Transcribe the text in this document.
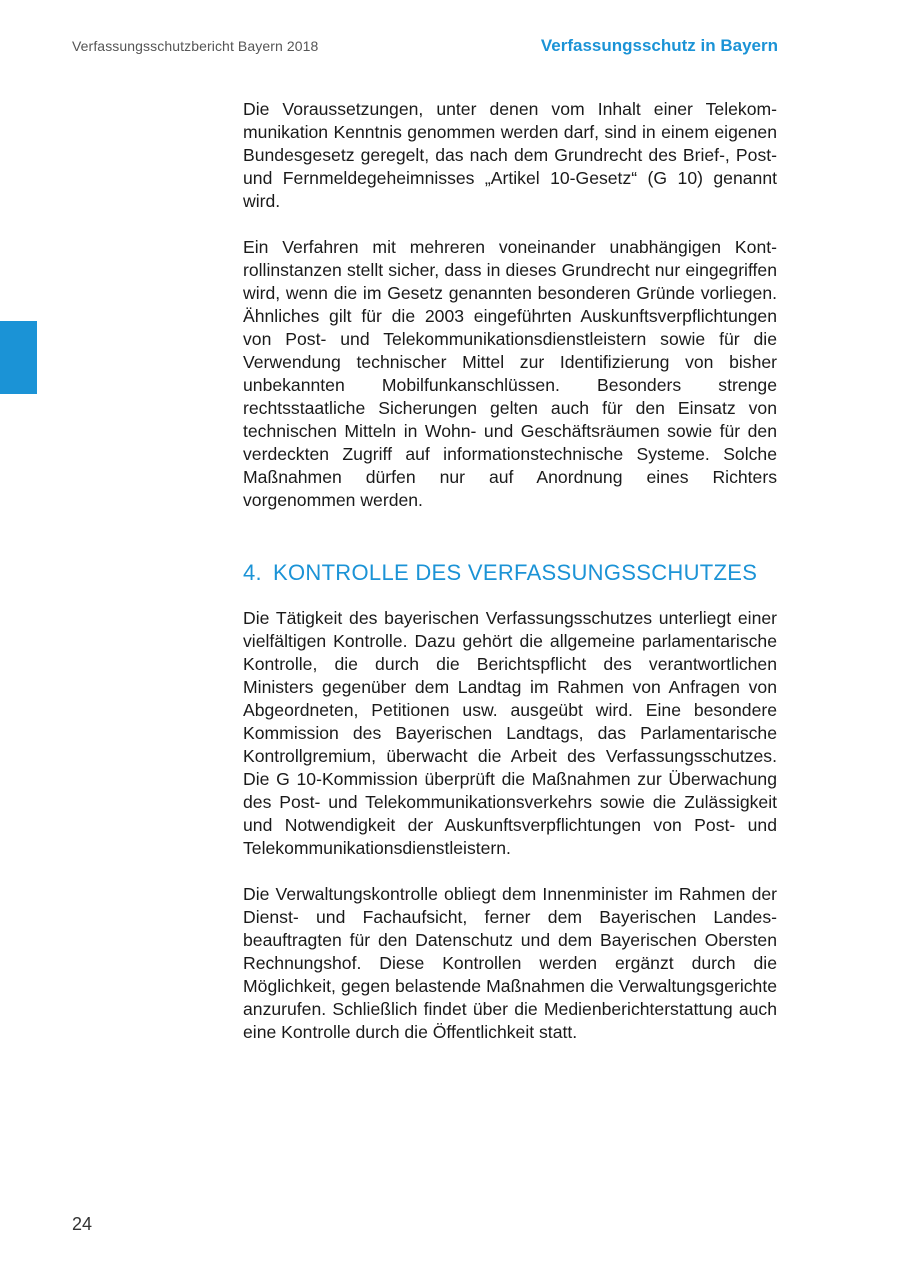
Verfassungsschutzbericht Bayern 2018	Verfassungsschutz in Bayern

Die Voraussetzungen, unter denen vom Inhalt einer Telekommunikation Kenntnis genommen werden darf, sind in einem eigenen Bundesgesetz geregelt, das nach dem Grundrecht des Brief-, Post- und Fernmeldegeheimnisses „Artikel 10-Gesetz“ (G 10) genannt wird.

Ein Verfahren mit mehreren voneinander unabhängigen Kontrollinstanzen stellt sicher, dass in dieses Grundrecht nur eingegriffen wird, wenn die im Gesetz genannten besonderen Gründe vorliegen. Ähnliches gilt für die 2003 eingeführten Auskunftsverpflichtungen von Post- und Telekommunikationsdienstleistern sowie für die Verwendung technischer Mittel zur Identifizierung von bisher unbekannten Mobilfunkanschlüssen. Besonders strenge rechtsstaatliche Sicherungen gelten auch für den Einsatz von technischen Mitteln in Wohn- und Geschäftsräumen sowie für den verdeckten Zugriff auf informationstechnische Systeme. Solche Maßnahmen dürfen nur auf Anordnung eines Richters vorgenommen werden.

4. KONTROLLE DES VERFASSUNGSSCHUTZES

Die Tätigkeit des bayerischen Verfassungsschutzes unterliegt einer vielfältigen Kontrolle. Dazu gehört die allgemeine parlamentarische Kontrolle, die durch die Berichtspflicht des verantwortlichen Ministers gegenüber dem Landtag im Rahmen von Anfragen von Abgeordneten, Petitionen usw. ausgeübt wird. Eine besondere Kommission des Bayerischen Landtags, das Parlamentarische Kontrollgremium, überwacht die Arbeit des Verfassungsschutzes. Die G 10-Kommission überprüft die Maßnahmen zur Überwachung des Post- und Telekommunikationsverkehrs sowie die Zulässigkeit und Notwendigkeit der Auskunftsverpflichtungen von Post- und Telekommunikationsdienstleistern.

Die Verwaltungskontrolle obliegt dem Innenminister im Rahmen der Dienst- und Fachaufsicht, ferner dem Bayerischen Landesbeauftragten für den Datenschutz und dem Bayerischen Obersten Rechnungshof. Diese Kontrollen werden ergänzt durch die Möglichkeit, gegen belastende Maßnahmen die Verwaltungsgerichte anzurufen. Schließlich findet über die Medienberichterstattung auch eine Kontrolle durch die Öffentlichkeit statt.

24
